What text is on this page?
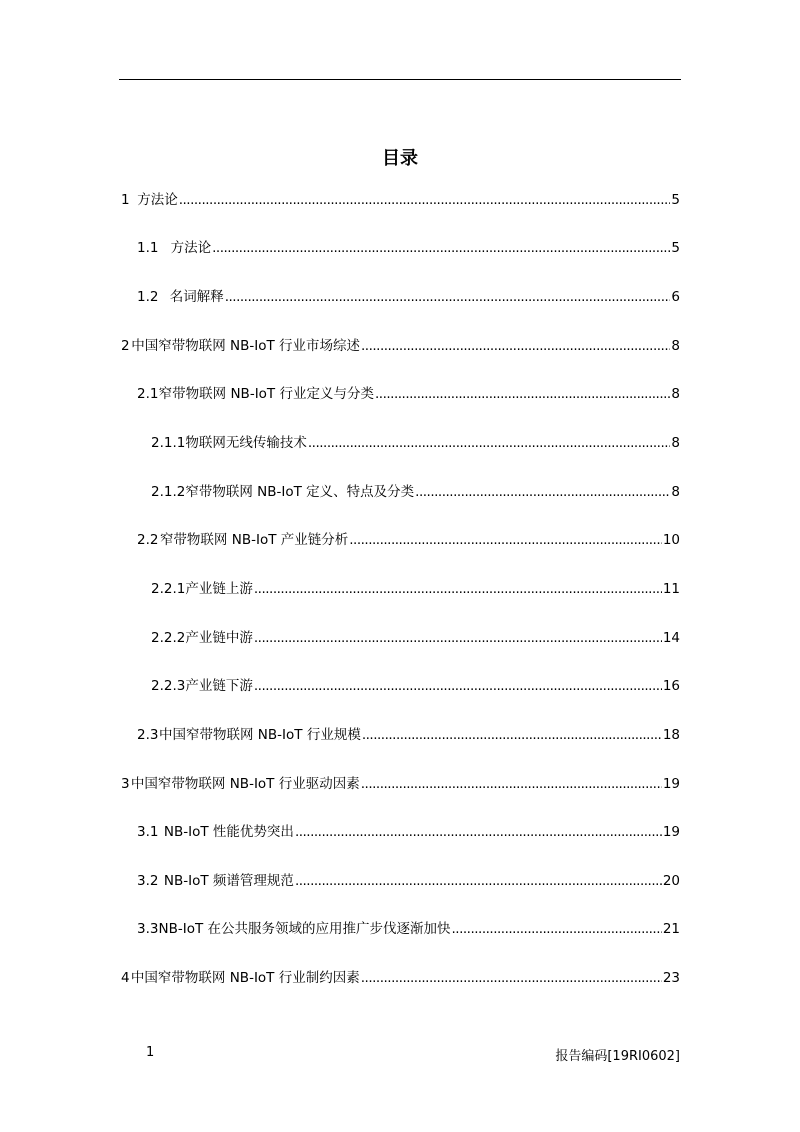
目录
1 方法论 .....	5
1.1 方法论 .....	5
1.2 名词解释 .....	6
2 中国窄带物联网 NB-IoT 行业市场综述 .....	8
2.1 窄带物联网 NB-IoT 行业定义与分类 .....	8
2.1.1 物联网无线传输技术 .....	8
2.1.2 窄带物联网 NB-IoT 定义、特点及分类 .....	8
2.2 窄带物联网 NB-IoT 产业链分析 .....	10
2.2.1 产业链上游 .....	11
2.2.2 产业链中游 .....	14
2.2.3 产业链下游 .....	16
2.3 中国窄带物联网 NB-IoT 行业规模 .....	18
3 中国窄带物联网 NB-IoT 行业驱动因素 .....	19
3.1 NB-IoT 性能优势突出 .....	19
3.2 NB-IoT 频谱管理规范 .....	20
3.3 NB-IoT 在公共服务领域的应用推广步伐逐渐加快 .....	21
4 中国窄带物联网 NB-IoT 行业制约因素 .....	23
1	报告编码[19RI0602]
